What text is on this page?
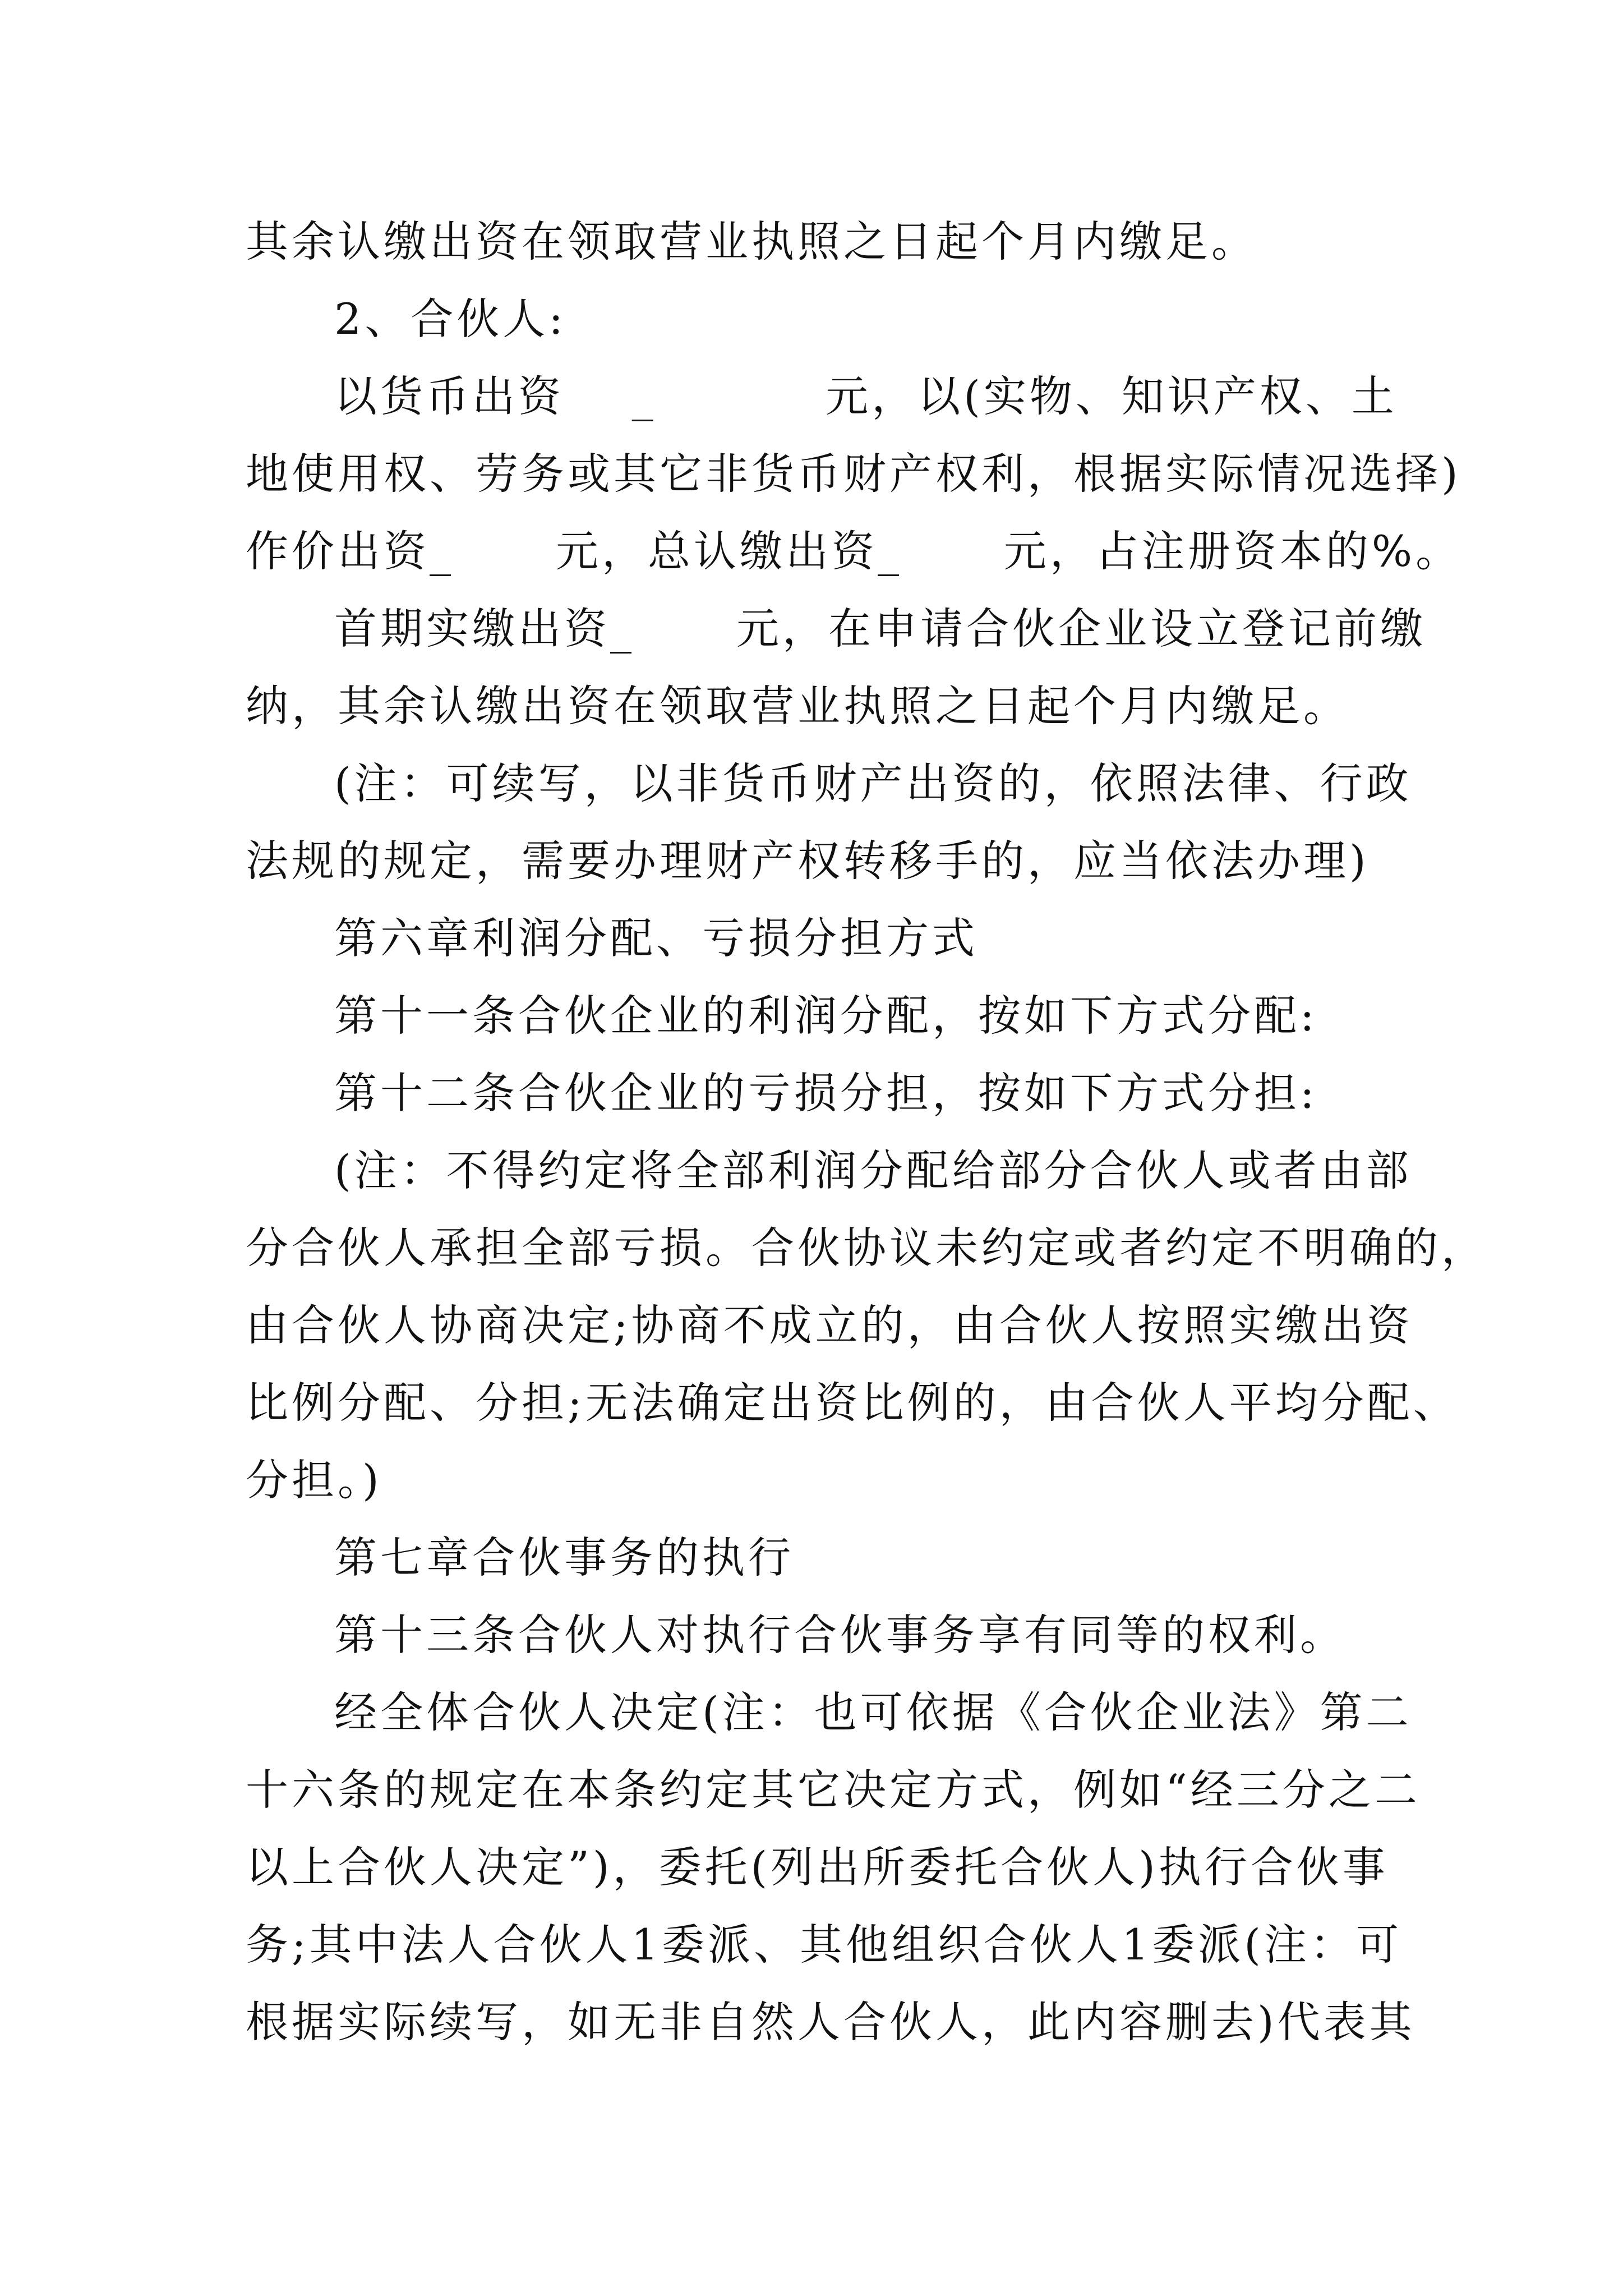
其余认缴出资在领取营业执照之日起个月内缴足。
2、合伙人:
以货币出资    _          元，以(实物、知识产权、土
地使用权、劳务或其它非货币财产权利，根据实际情况选择)
作价出资_      元，总认缴出资_      元，占注册资本的%。
首期实缴出资_      元，在申请合伙企业设立登记前缴
纳，其余认缴出资在领取营业执照之日起个月内缴足。
(注：可续写，以非货币财产出资的，依照法律、行政
法规的规定，需要办理财产权转移手的，应当依法办理)
第六章利润分配、亏损分担方式
第十一条合伙企业的利润分配，按如下方式分配:
第十二条合伙企业的亏损分担，按如下方式分担:
(注：不得约定将全部利润分配给部分合伙人或者由部
分合伙人承担全部亏损。合伙协议未约定或者约定不明确的，
由合伙人协商决定;协商不成立的，由合伙人按照实缴出资
比例分配、分担;无法确定出资比例的，由合伙人平均分配、
分担。)
第七章合伙事务的执行
第十三条合伙人对执行合伙事务享有同等的权利。
经全体合伙人决定(注：也可依据《合伙企业法》第二
十六条的规定在本条约定其它决定方式，例如“经三分之二
以上合伙人决定”)，委托(列出所委托合伙人)执行合伙事
务;其中法人合伙人1委派、其他组织合伙人1委派(注：可
根据实际续写，如无非自然人合伙人，此内容删去)代表其
